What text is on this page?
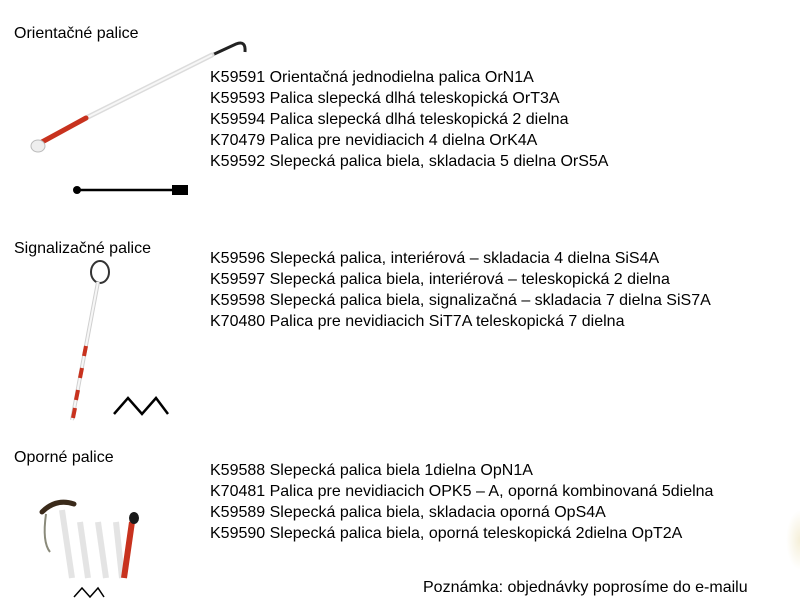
Orientačné palice
K59591 Orientačná jednodielna palica OrN1A
K59593 Palica slepecká dlhá teleskopická OrT3A
K59594 Palica slepecká dlhá teleskopická 2 dielna
K70479 Palica pre nevidiacich 4 dielna OrK4A
K59592 Slepecká palica biela, skladacia 5 dielna OrS5A
Signalizačné palice
K59596 Slepecká palica, interiérová – skladacia 4 dielna SiS4A
K59597 Slepecká palica biela, interiérová – teleskopická 2 dielna
K59598 Slepecká palica biela, signalizačná – skladacia 7 dielna SiS7A
K70480 Palica pre nevidiacich SiT7A teleskopická 7 dielna
Oporné palice
K59588 Slepecká palica biela 1dielna OpN1A
K70481 Palica pre nevidiacich OPK5 – A, oporná kombinovaná 5dielna
K59589 Slepecká palica biela, skladacia oporná OpS4A
K59590 Slepecká palica biela, oporná teleskopická 2dielna OpT2A
Poznámka: objednávky poprosíme do e-mailu
